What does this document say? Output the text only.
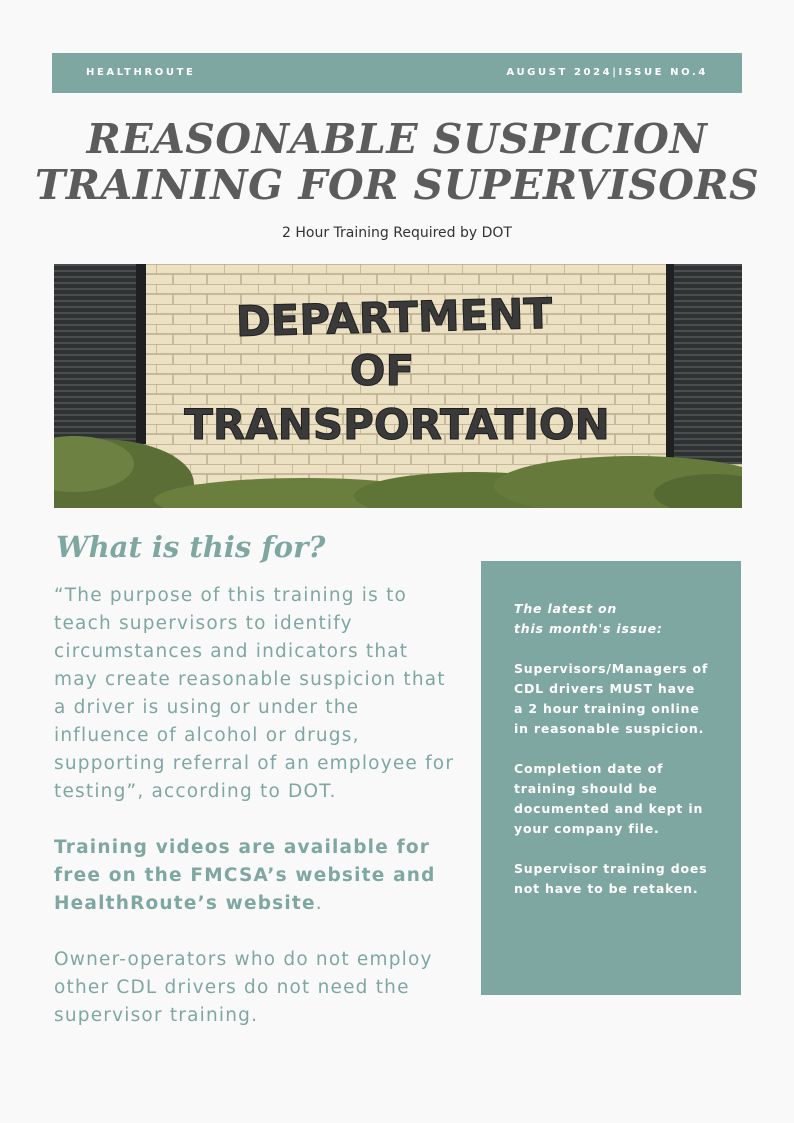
HEALTHROUTE	AUGUST 2024|ISSUE NO.4
REASONABLE SUSPICION
TRAINING FOR SUPERVISORS
2 Hour Training Required by DOT
DEPARTMENT
OF
TRANSPORTATION
What is this for?

“The purpose of this training is to teach supervisors to identify circumstances and indicators that may create reasonable suspicion that a driver is using or under the influence of alcohol or drugs, supporting referral of an employee for testing”, according to DOT.

Training videos are available for free on the FMCSA’s website and HealthRoute’s website.

Owner-operators who do not employ other CDL drivers do not need the supervisor training.

The latest on
this month's issue:

Supervisors/Managers of CDL drivers MUST have a 2 hour training online in reasonable suspicion.

Completion date of training should be documented and kept in your company file.

Supervisor training does not have to be retaken.
